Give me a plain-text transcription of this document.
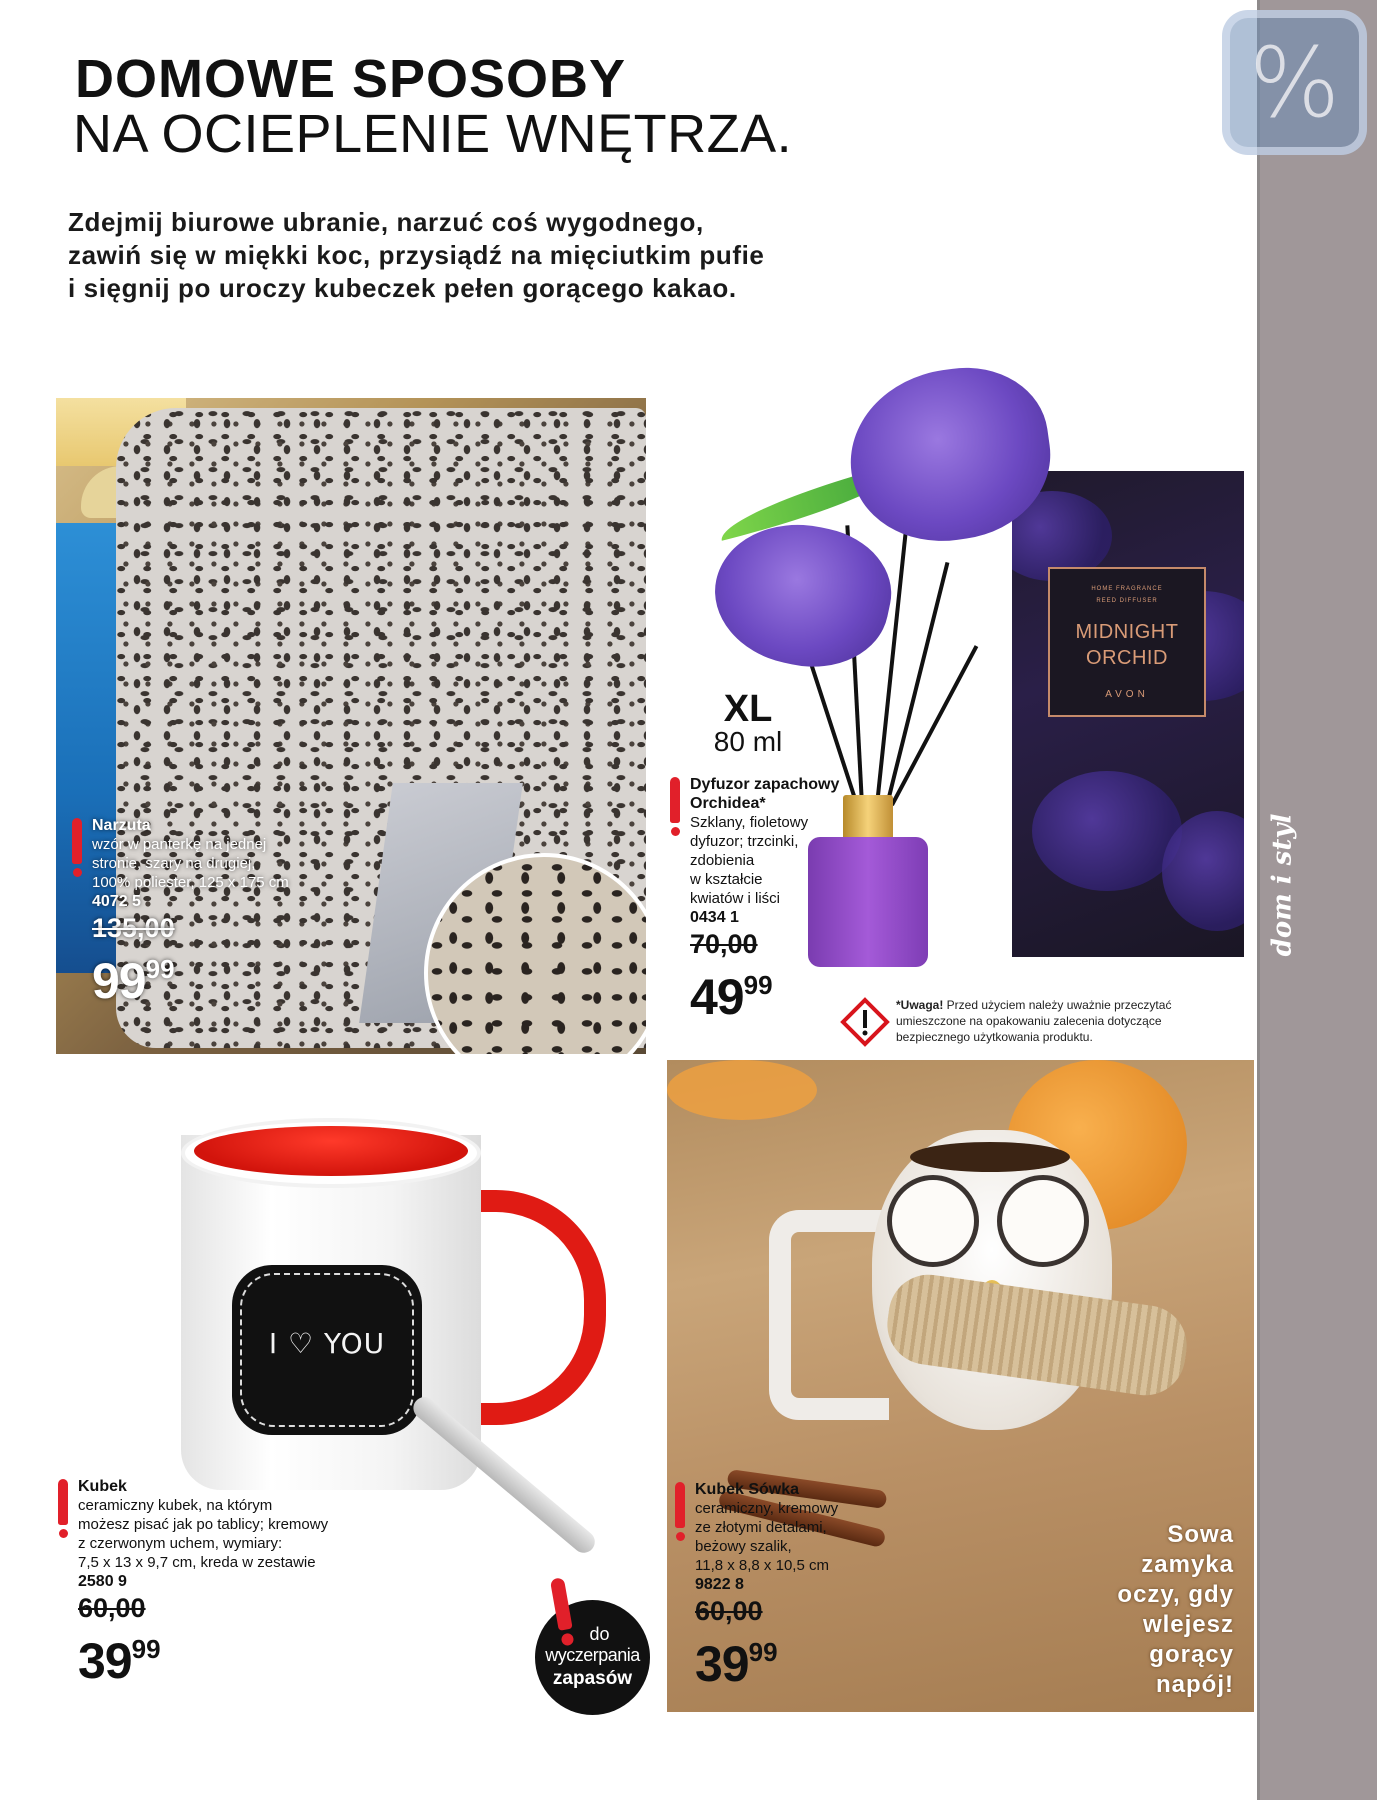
DOMOWE SPOSOBY
NA OCIEPLENIE WNĘTRZA.
Zdejmij biurowe ubranie, narzuć coś wygodnego,
zawiń się w miękki koc, przysiądź na mięciutkim pufie
i sięgnij po uroczy kubeczek pełen gorącego kakao.
Narzuta
wzór w panterkę na jednej
stronie, szary na drugiej,
100% poliester, 125 x 175 cm
4072 5
135,00
9999
HOME FRAGRANCE
REED DIFFUSER
MIDNIGHT
ORCHID
AVON
XL
80 ml
Dyfuzor zapachowy
Orchidea*
Szklany, fioletowy
dyfuzor; trzcinki,
zdobienia
w kształcie
kwiatów i liści
0434 1
70,00
4999
*Uwaga! Przed użyciem należy uważnie przeczytać
umieszczone na opakowaniu zalecenia dotyczące
bezpiecznego użytkowania produktu.
I ♡ YOU
Kubek
ceramiczny kubek, na którym
możesz pisać jak po tablicy; kremowy
z czerwonym uchem, wymiary:
7,5 x 13 x 9,7 cm, kreda w zestawie
2580 9
60,00
3999	do
wyczerpania
zapasów
Kubek Sówka
ceramiczny, kremowy
ze złotymi detalami,
beżowy szalik,
11,8 x 8,8 x 10,5 cm
9822 8
60,00
3999
Sowa
zamyka
oczy, gdy
wlejesz
gorący
napój!
dom i styl
%
